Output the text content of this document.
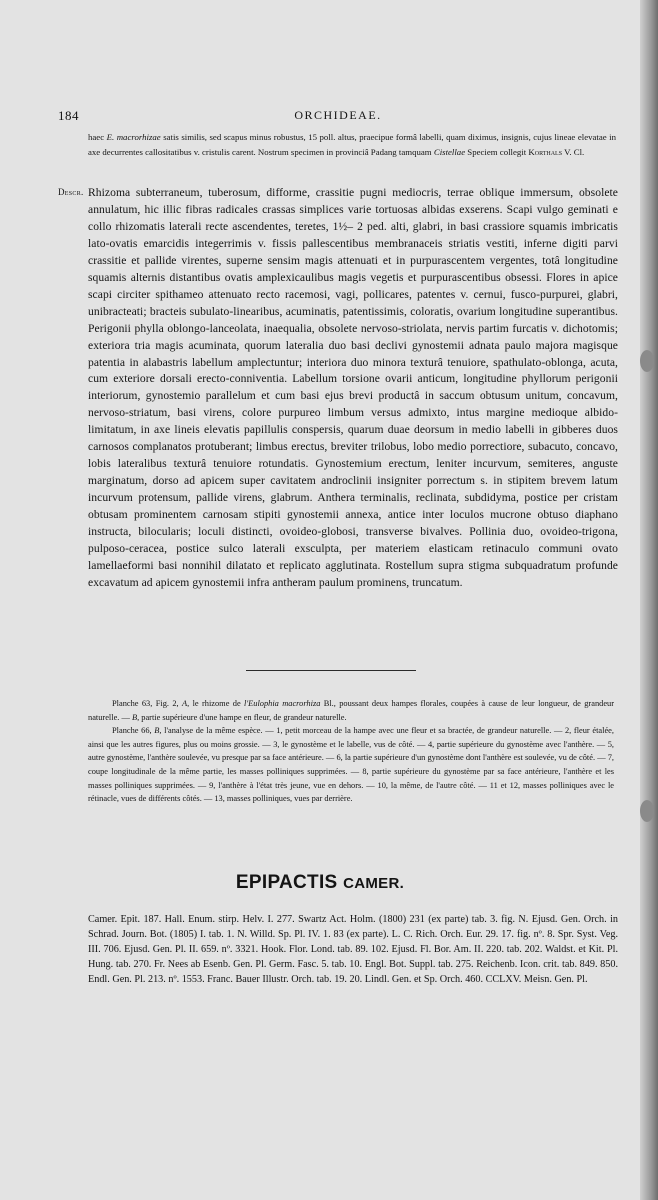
184	ORCHIDEAE.
haec E. macrorhizae satis similis, sed scapus minus robustus, 15 poll. altus, praecipue formâ labelli, quam diximus, insignis, cujus lineae elevatae in axe decurrentes callositatibus v. cristulis carent. Nostrum specimen in provinciâ Padang tamquam Cistellae Speciem collegit Korthals V. Cl.
Descr. Rhizoma subterraneum, tuberosum, difforme, crassitie pugni mediocris, terrae oblique immersum, obsolete annulatum, hic illic fibras radicales crassas simplices varie tortuosas albidas exserens. Scapi vulgo geminati e collo rhizomatis laterali recte ascendentes, teretes, 1½– 2 ped. alti, glabri, in basi crassiore squamis imbricatis lato-ovatis emarcidis integerrimis v. fissis pallescentibus membranaceis striatis vestiti, inferne digiti parvi crassitie et pallide virentes, superne sensim magis attenuati et in purpurascentem vergentes, totâ longitudine squamis alternis distantibus ovatis amplexicaulibus magis vegetis et purpurascentibus obsessi. Flores in apice scapi circiter spithameo attenuato recto racemosi, vagi, pollicares, patentes v. cernui, fusco-purpurei, glabri, unibracteati; bracteis subulato-linearibus, acuminatis, patentissimis, coloratis, ovarium longitudine superantibus. Perigonii phylla oblongo-lanceolata, inaequalia, obsolete nervoso-striolata, nervis partim furcatis v. dichotomis; exteriora tria magis acuminata, quorum lateralia duo basi declivi gynostemii adnata paulo majora magisque patentia in alabastris labellum amplectuntur; interiora duo minora texturâ tenuiore, spathulato-oblonga, acuta, cum exteriore dorsali erecto-conniventia. Labellum torsione ovarii anticum, longitudine phyllorum perigonii interiorum, gynostemio parallelum et cum basi ejus brevi productâ in saccum obtusum unitum, concavum, nervoso-striatum, basi virens, colore purpureo limbum versus admixto, intus margine medioque albido-limitatum, in axe lineis elevatis papillulis conspersis, quarum duae deorsum in medio labelli in gibberes duos carnosos complanatos protuberant; limbus erectus, breviter trilobus, lobo medio porrectiore, subacuto, concavo, lobis lateralibus texturâ tenuiore rotundatis. Gynostemium erectum, leniter incurvum, semiteres, anguste marginatum, dorso ad apicem super cavitatem androclinii insigniter porrectum s. in stipitem brevem latum incurvum protensum, pallide virens, glabrum. Anthera terminalis, reclinata, subdidyma, postice per cristam obtusam prominentem carnosam stipiti gynostemii annexa, antice inter loculos mucrone obtuso diaphano instructa, bilocularis; loculi distincti, ovoideo-globosi, transverse bivalves. Pollinia duo, ovoideo-trigona, pulposo-ceracea, postice sulco laterali exsculpta, per materiem elasticam retinaculo communi ovato lamellaeformi basi nonnihil dilatato et replicato agglutinata. Rostellum supra stigma subquadratum profunde excavatum ad apicem gynostemii infra antheram paulum prominens, truncatum.

Planche 63, Fig. 2, A, le rhizome de l'Eulophia macrorhiza Bl., poussant deux hampes florales, coupées à cause de leur longueur, de grandeur naturelle. — B, partie supérieure d'une hampe en fleur, de grandeur naturelle.

Planche 66, B, l'analyse de la même espèce. — 1, petit morceau de la hampe avec une fleur et sa bractée, de grandeur naturelle. — 2, fleur étalée, ainsi que les autres figures, plus ou moins grossie. — 3, le gynostème et le labelle, vus de côté. — 4, partie supérieure du gynostème avec l'anthère. — 5, autre gynostème, l'anthère soulevée, vu presque par sa face antérieure. — 6, la partie supérieure d'un gynostème dont l'anthère est soulevée, vu de côté. — 7, coupe longitudinale de la même partie, les masses polliniques supprimées. — 8, partie supérieure du gynostème par sa face antérieure, l'anthère et les masses polliniques supprimées. — 9, l'anthère à l'état très jeune, vue en dehors. — 10, la même, de l'autre côté. — 11 et 12, masses polliniques avec le rétinacle, vues de différents côtés. — 13, masses polliniques, vues par derrière.

EPIPACTIS CAMER.
Camer. Epit. 187. Hall. Enum. stirp. Helv. I. 277. Swartz Act. Holm. (1800) 231 (ex parte) tab. 3. fig. N. Ejusd. Gen. Orch. in Schrad. Journ. Bot. (1805) I. tab. 1. N. Willd. Sp. Pl. IV. 1. 83 (ex parte). L. C. Rich. Orch. Eur. 29. 17. fig. nº. 8. Spr. Syst. Veg. III. 706. Ejusd. Gen. Pl. II. 659. nº. 3321. Hook. Flor. Lond. tab. 89. 102. Ejusd. Fl. Bor. Am. II. 220. tab. 202. Waldst. et Kit. Pl. Hung. tab. 270. Fr. Nees ab Esenb. Gen. Pl. Germ. Fasc. 5. tab. 10. Engl. Bot. Suppl. tab. 275. Reichenb. Icon. crit. tab. 849. 850. Endl. Gen. Pl. 213. nº. 1553. Franc. Bauer Illustr. Orch. tab. 19. 20. Lindl. Gen. et Sp. Orch. 460. CCLXV. Meisn. Gen. Pl.
